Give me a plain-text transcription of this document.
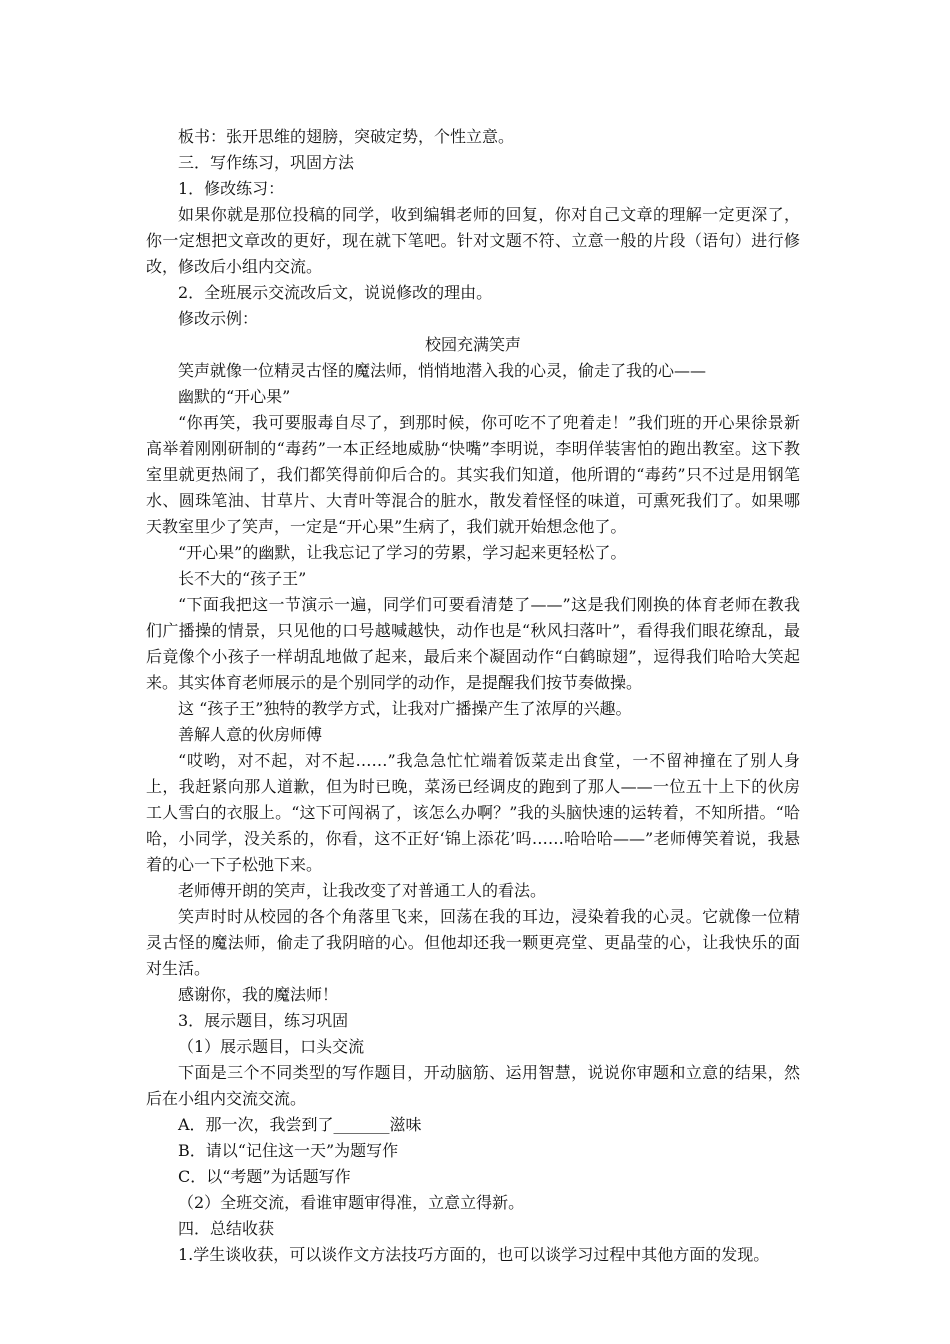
板书：张开思维的翅膀，突破定势，个性立意。

三．写作练习，巩固方法

1．修改练习：

如果你就是那位投稿的同学，收到编辑老师的回复，你对自己文章的理解一定更深了，你一定想把文章改的更好，现在就下笔吧。针对文题不符、立意一般的片段（语句）进行修改，修改后小组内交流。

2．全班展示交流改后文，说说修改的理由。

修改示例：

校园充满笑声

笑声就像一位精灵古怪的魔法师，悄悄地潜入我的心灵，偷走了我的心——

幽默的“开心果”

“你再笑，我可要服毒自尽了，到那时候，你可吃不了兜着走！”我们班的开心果徐景新高举着刚刚研制的“毒药”一本正经地威胁“快嘴”李明说，李明佯装害怕的跑出教室。这下教室里就更热闹了，我们都笑得前仰后合的。其实我们知道，他所谓的“毒药”只不过是用钢笔水、圆珠笔油、甘草片、大青叶等混合的脏水，散发着怪怪的味道，可熏死我们了。如果哪天教室里少了笑声，一定是“开心果”生病了，我们就开始想念他了。

“开心果”的幽默，让我忘记了学习的劳累，学习起来更轻松了。

长不大的“孩子王”

“下面我把这一节演示一遍，同学们可要看清楚了——”这是我们刚换的体育老师在教我们广播操的情景，只见他的口号越喊越快，动作也是“秋风扫落叶”，看得我们眼花缭乱，最后竟像个小孩子一样胡乱地做了起来，最后来个凝固动作“白鹤晾翅”，逗得我们哈哈大笑起来。其实体育老师展示的是个别同学的动作，是提醒我们按节奏做操。

这 “孩子王”独特的教学方式，让我对广播操产生了浓厚的兴趣。

善解人意的伙房师傅

“哎哟，对不起，对不起……”我急急忙忙端着饭菜走出食堂，一不留神撞在了别人身上，我赶紧向那人道歉，但为时已晚，菜汤已经调皮的跑到了那人——一位五十上下的伙房工人雪白的衣服上。“这下可闯祸了，该怎么办啊？”我的头脑快速的运转着，不知所措。“哈哈，小同学，没关系的，你看，这不正好‘锦上添花’吗……哈哈哈——”老师傅笑着说，我悬着的心一下子松弛下来。

老师傅开朗的笑声，让我改变了对普通工人的看法。

笑声时时从校园的各个角落里飞来，回荡在我的耳边，浸染着我的心灵。它就像一位精灵古怪的魔法师，偷走了我阴暗的心。但他却还我一颗更亮堂、更晶莹的心，让我快乐的面对生活。

感谢你，我的魔法师！

3．展示题目，练习巩固

（1）展示题目，口头交流

下面是三个不同类型的写作题目，开动脑筋、运用智慧，说说你审题和立意的结果，然后在小组内交流交流。

A．那一次，我尝到了_______滋味

B．请以“记住这一天”为题写作

C．以“考题”为话题写作

（2）全班交流，看谁审题审得准，立意立得新。

四．总结收获

1.学生谈收获，可以谈作文方法技巧方面的，也可以谈学习过程中其他方面的发现。
